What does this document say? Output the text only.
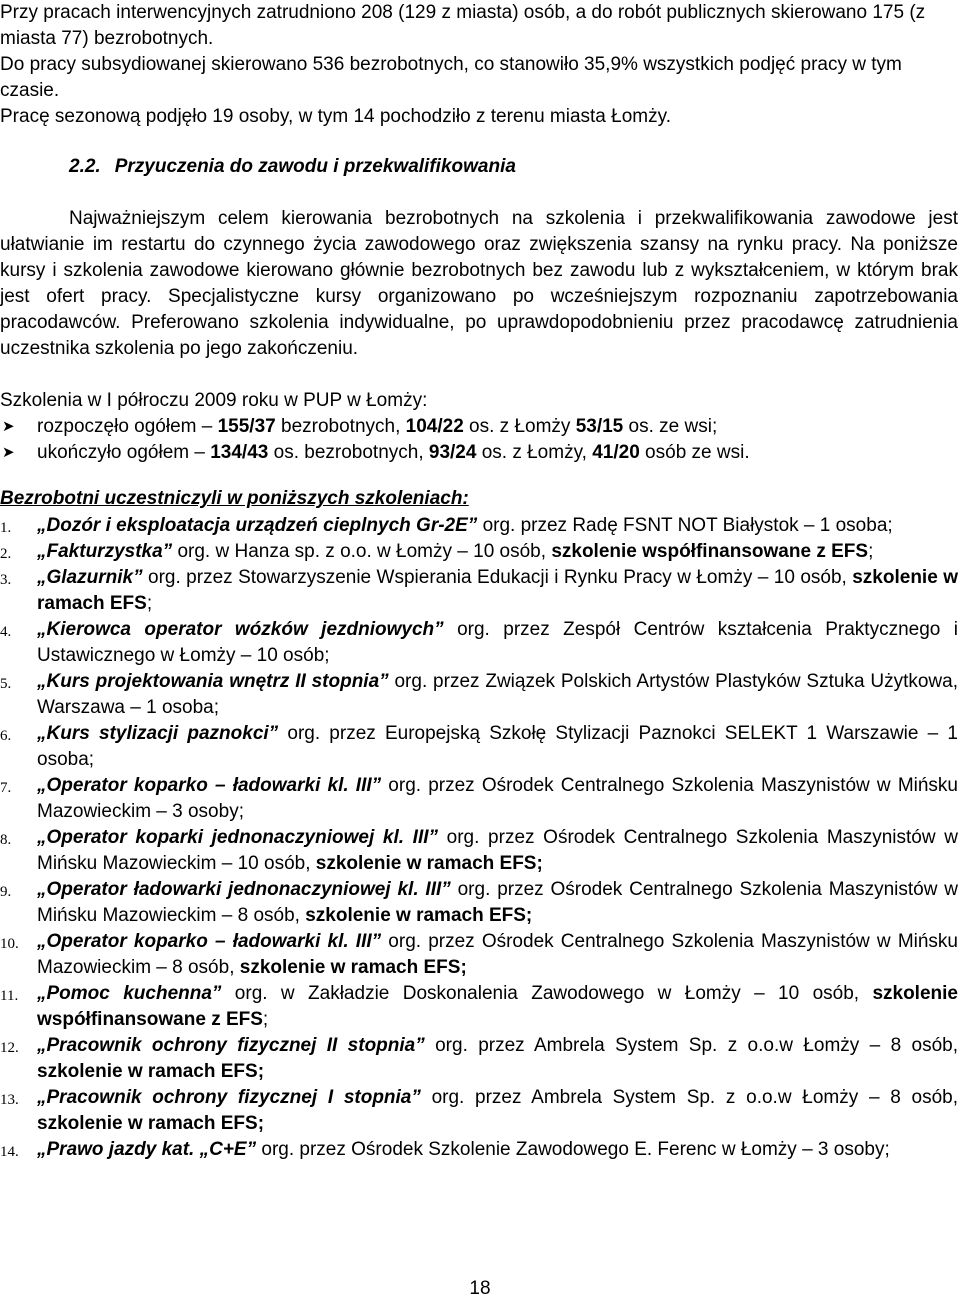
Przy pracach interwencyjnych zatrudniono 208 (129 z miasta) osób, a do robót publicznych skierowano 175 (z miasta 77) bezrobotnych.

Do pracy subsydiowanej skierowano 536 bezrobotnych, co stanowiło 35,9% wszystkich podjęć pracy w tym czasie.

Pracę sezonową podjęło 19 osoby, w tym 14 pochodziło z terenu miasta Łomży.

2.2. Przyuczenia do zawodu i przekwalifikowania

Najważniejszym celem kierowania bezrobotnych na szkolenia i przekwalifikowania zawodowe jest ułatwianie im restartu do czynnego życia zawodowego oraz zwiększenia szansy na rynku pracy. Na poniższe kursy i szkolenia zawodowe kierowano głównie bezrobotnych bez zawodu lub z wykształceniem, w którym brak jest ofert pracy. Specjalistyczne kursy organizowano po wcześniejszym rozpoznaniu zapotrzebowania pracodawców. Preferowano szkolenia indywidualne, po uprawdopodobnieniu przez pracodawcę zatrudnienia uczestnika szkolenia po jego zakończeniu.

Szkolenia w I półroczu 2009 roku w PUP w Łomży:

➤ rozpoczęło ogółem – 155/37 bezrobotnych, 104/22 os. z Łomży 53/15 os. ze wsi;
➤ ukończyło ogółem – 134/43 os. bezrobotnych, 93/24 os. z Łomży, 41/20 osób ze wsi.

Bezrobotni uczestniczyli w poniższych szkoleniach:

1. „Dozór i eksploatacja urządzeń cieplnych Gr-2E” org. przez Radę FSNT NOT Białystok – 1 osoba;
2. „Fakturzystka” org. w Hanza sp. z o.o. w Łomży – 10 osób, szkolenie współfinansowane z EFS;
3. „Glazurnik” org. przez Stowarzyszenie Wspierania Edukacji i Rynku Pracy w Łomży – 10 osób, szkolenie w ramach EFS;
4. „Kierowca operator wózków jezdniowych” org. przez Zespół Centrów kształcenia Praktycznego i Ustawicznego w Łomży – 10 osób;
5. „Kurs projektowania wnętrz II stopnia” org. przez Związek Polskich Artystów Plastyków Sztuka Użytkowa, Warszawa – 1 osoba;
6. „Kurs stylizacji paznokci” org. przez Europejską Szkołę Stylizacji Paznokci SELEKT 1 Warszawie – 1 osoba;
7. „Operator koparko – ładowarki kl. III” org. przez Ośrodek Centralnego Szkolenia Maszynistów w Mińsku Mazowieckim – 3 osoby;
8. „Operator koparki jednonaczyniowej kl. III” org. przez Ośrodek Centralnego Szkolenia Maszynistów w Mińsku Mazowieckim – 10 osób, szkolenie w ramach EFS;
9. „Operator ładowarki jednonaczyniowej kl. III” org. przez Ośrodek Centralnego Szkolenia Maszynistów w Mińsku Mazowieckim – 8 osób, szkolenie w ramach EFS;
10. „Operator koparko – ładowarki kl. III” org. przez Ośrodek Centralnego Szkolenia Maszynistów w Mińsku Mazowieckim – 8 osób, szkolenie w ramach EFS;
11. „Pomoc kuchenna” org. w Zakładzie Doskonalenia Zawodowego w Łomży – 10 osób, szkolenie współfinansowane z EFS;
12. „Pracownik ochrony fizycznej II stopnia” org. przez Ambrela System Sp. z o.o.w Łomży – 8 osób, szkolenie w ramach EFS;
13. „Pracownik ochrony fizycznej I stopnia” org. przez Ambrela System Sp. z o.o.w Łomży – 8 osób, szkolenie w ramach EFS;
14. „Prawo jazdy kat. „C+E” org. przez Ośrodek Szkolenie Zawodowego E. Ferenc w Łomży – 3 osoby;
18
